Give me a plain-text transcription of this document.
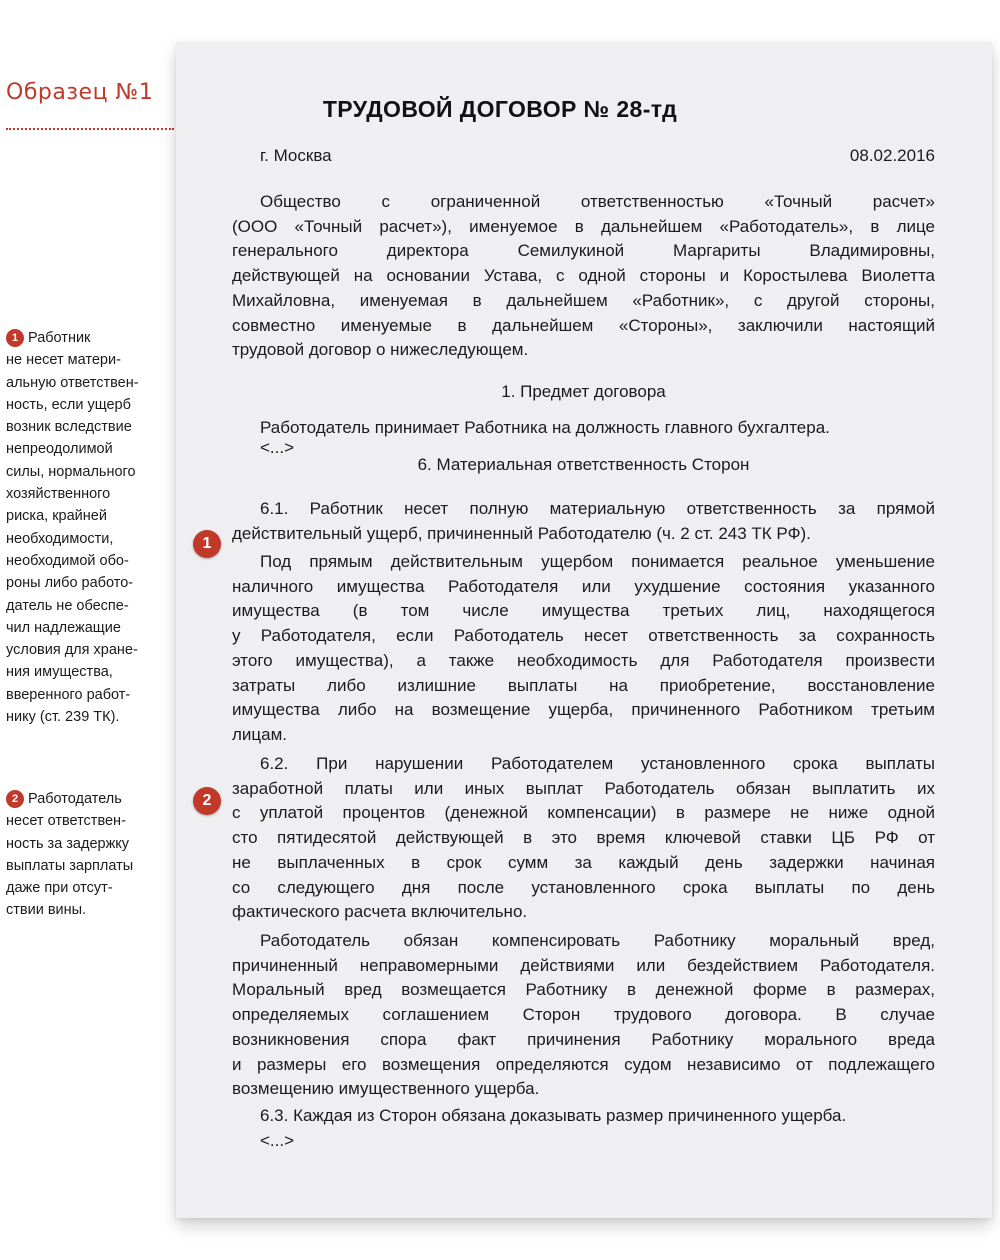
Образец №1
1 Работник
не несет матери-
альную ответствен-
ность, если ущерб
возник вследствие
непреодолимой
силы, нормального
хозяйственного
риска, крайней
необходимости,
необходимой обо-
роны либо работо-
датель не обеспе-
чил надлежащие
условия для хране-
ния имущества,
вверенного работ-
нику (ст. 239 ТК).
2 Работодатель
несет ответствен-
ность за задержку
выплаты зарплаты
даже при отсут-
ствии вины.
ТРУДОВОЙ ДОГОВОР № 28-тд
г. Москва	08.02.2016
Общество с ограниченной ответственностью «Точный расчет»
(ООО «Точный расчет»), именуемое в дальнейшем «Работодатель», в лице
генерального директора Семилукиной Маргариты Владимировны,
действующей на основании Устава, с одной стороны и Коростылева Виолетта
Михайловна, именуемая в дальнейшем «Работник», с другой стороны,
совместно именуемые в дальнейшем «Стороны», заключили настоящий
трудовой договор о нижеследующем.
1. Предмет договора
Работодатель принимает Работника на должность главного бухгалтера.
<...>
6. Материальная ответственность Сторон
6.1. Работник несет полную материальную ответственность за прямой
действительный ущерб, причиненный Работодателю (ч. 2 ст. 243 ТК РФ).
1
Под прямым действительным ущербом понимается реальное уменьшение
наличного имущества Работодателя или ухудшение состояния указанного
имущества (в том числе имущества третьих лиц, находящегося
у Работодателя, если Работодатель несет ответственность за сохранность
этого имущества), а также необходимость для Работодателя произвести
затраты либо излишние выплаты на приобретение, восстановление
имущества либо на возмещение ущерба, причиненного Работником третьим
лицам.
6.2. При нарушении Работодателем установленного срока выплаты
заработной платы или иных выплат Работодатель обязан выплатить их
с уплатой процентов (денежной компенсации) в размере не ниже одной
сто пятидесятой действующей в это время ключевой ставки ЦБ РФ от
не выплаченных в срок сумм за каждый день задержки начиная
со следующего дня после установленного срока выплаты по день
фактического расчета включительно.
2
Работодатель обязан компенсировать Работнику моральный вред,
причиненный неправомерными действиями или бездействием Работодателя.
Моральный вред возмещается Работнику в денежной форме в размерах,
определяемых соглашением Сторон трудового договора. В случае
возникновения спора факт причинения Работнику морального вреда
и размеры его возмещения определяются судом независимо от подлежащего
возмещению имущественного ущерба.
6.3. Каждая из Сторон обязана доказывать размер причиненного ущерба.
<...>
